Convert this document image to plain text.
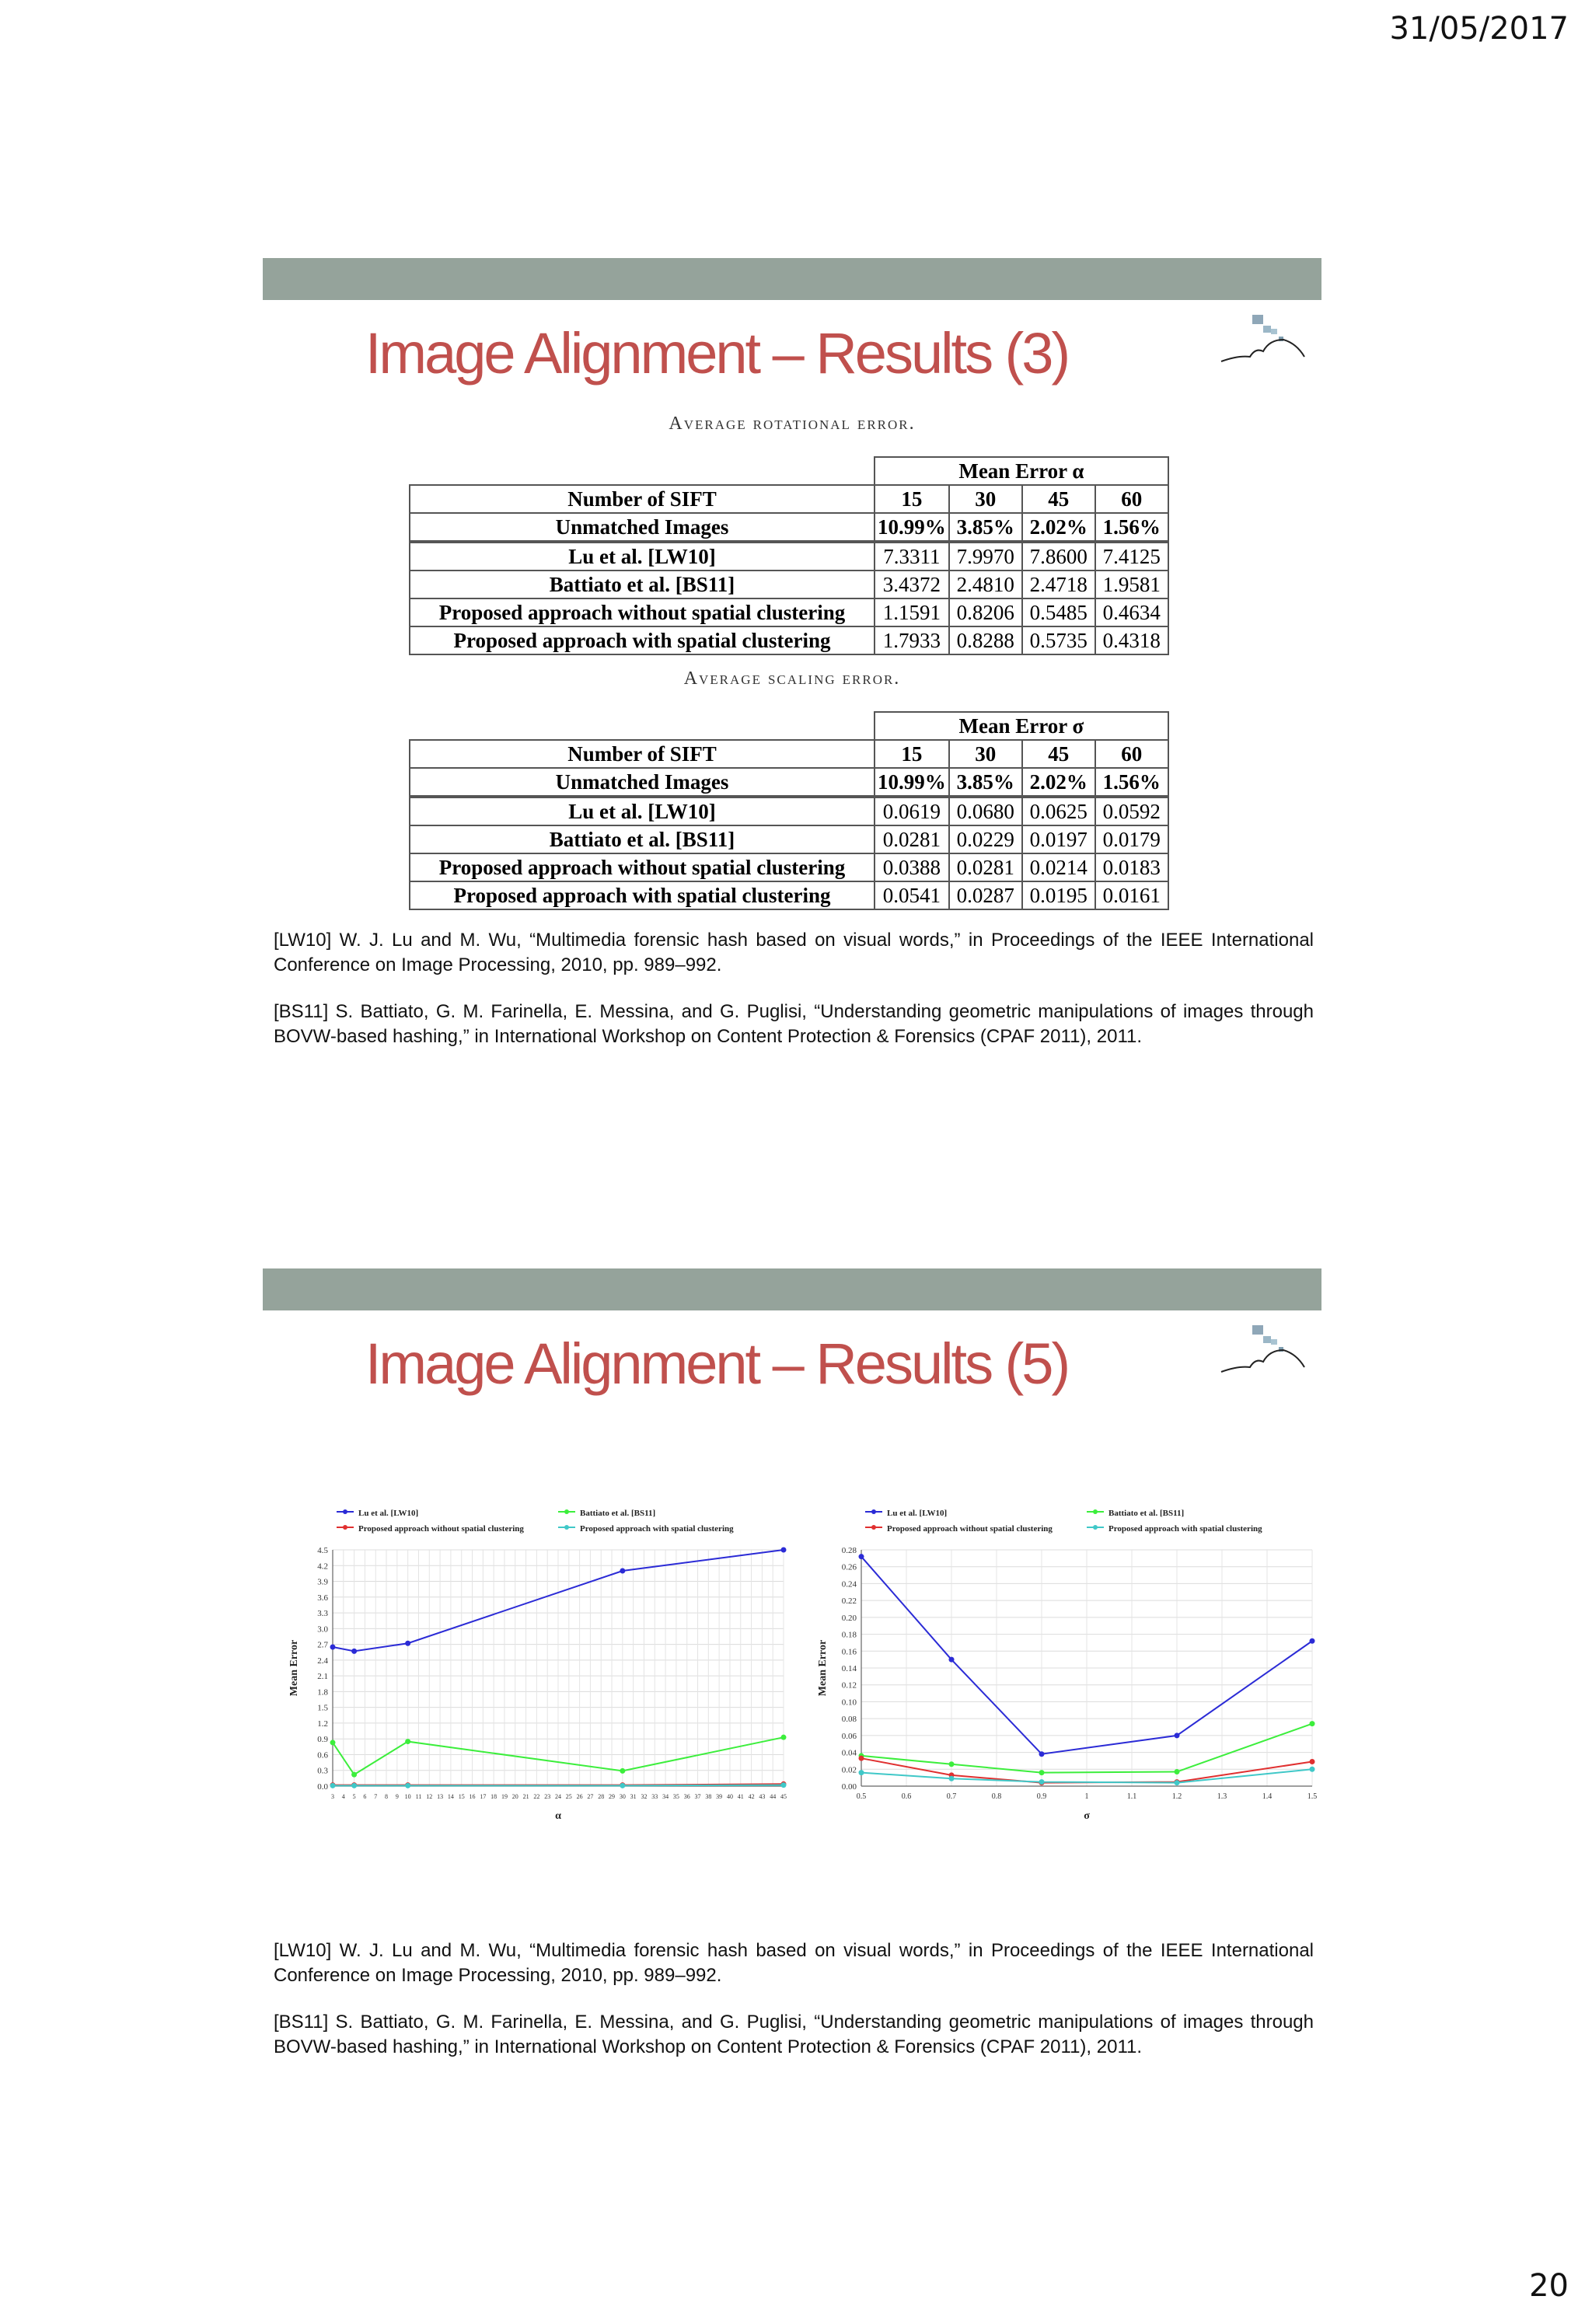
31/05/2017
Image Alignment – Results (3)
Average rotational error.
	Mean Error α			
Number of SIFT	15	30	45	60
Unmatched Images	10.99%	3.85%	2.02%	1.56%
Lu et al. [LW10]	7.3311	7.9970	7.8600	7.4125
Battiato et al. [BS11]	3.4372	2.4810	2.4718	1.9581
Proposed approach without spatial clustering	1.1591	0.8206	0.5485	0.4634
Proposed approach with spatial clustering	1.7933	0.8288	0.5735	0.4318
Average scaling error.
	Mean Error σ			
Number of SIFT	15	30	45	60
Unmatched Images	10.99%	3.85%	2.02%	1.56%
Lu et al. [LW10]	0.0619	0.0680	0.0625	0.0592
Battiato et al. [BS11]	0.0281	0.0229	0.0197	0.0179
Proposed approach without spatial clustering	0.0388	0.0281	0.0214	0.0183
Proposed approach with spatial clustering	0.0541	0.0287	0.0195	0.0161
[LW10] W. J. Lu and M. Wu, “Multimedia forensic hash based on visual words,” in Proceedings of the IEEE International Conference on Image Processing, 2010, pp. 989–992.
[BS11] S. Battiato, G. M. Farinella, E. Messina, and G. Puglisi, “Understanding geometric manipulations of images through BOVW-based hashing,” in International Workshop on Content Protection & Forensics (CPAF 2011), 2011.
Image Alignment – Results (5)
Lu et al. [LW10]	Battiato et al. [BS11]
Proposed approach without spatial clustering	Proposed approach with spatial clustering
0.0
0.3
0.6
0.9
1.2
1.5
1.8
2.1
2.4
2.7
3.0
3.3
3.6
3.9
4.2
4.5
3 4 5 6 7 8 9 10 11 12 13 14 15 16 17 18 19 20 21 22 23 24 25 26 27 28 29 30 31 32 33 34 35 36 37 38 39 40 41 42 43 44 45
α
Mean Error
Lu et al. [LW10]	Battiato et al. [BS11]
Proposed approach without spatial clustering	Proposed approach with spatial clustering
0.00
0.02
0.04
0.06
0.08
0.10
0.12
0.14
0.16
0.18
0.20
0.22
0.24
0.26
0.28
0.5	0.6	0.7	0.8	0.9	1	1.1	1.2	1.3	1.4	1.5
σ
Mean Error
[LW10] W. J. Lu and M. Wu, “Multimedia forensic hash based on visual words,” in Proceedings of the IEEE International Conference on Image Processing, 2010, pp. 989–992.
[BS11] S. Battiato, G. M. Farinella, E. Messina, and G. Puglisi, “Understanding geometric manipulations of images through BOVW-based hashing,” in International Workshop on Content Protection & Forensics (CPAF 2011), 2011.
20
